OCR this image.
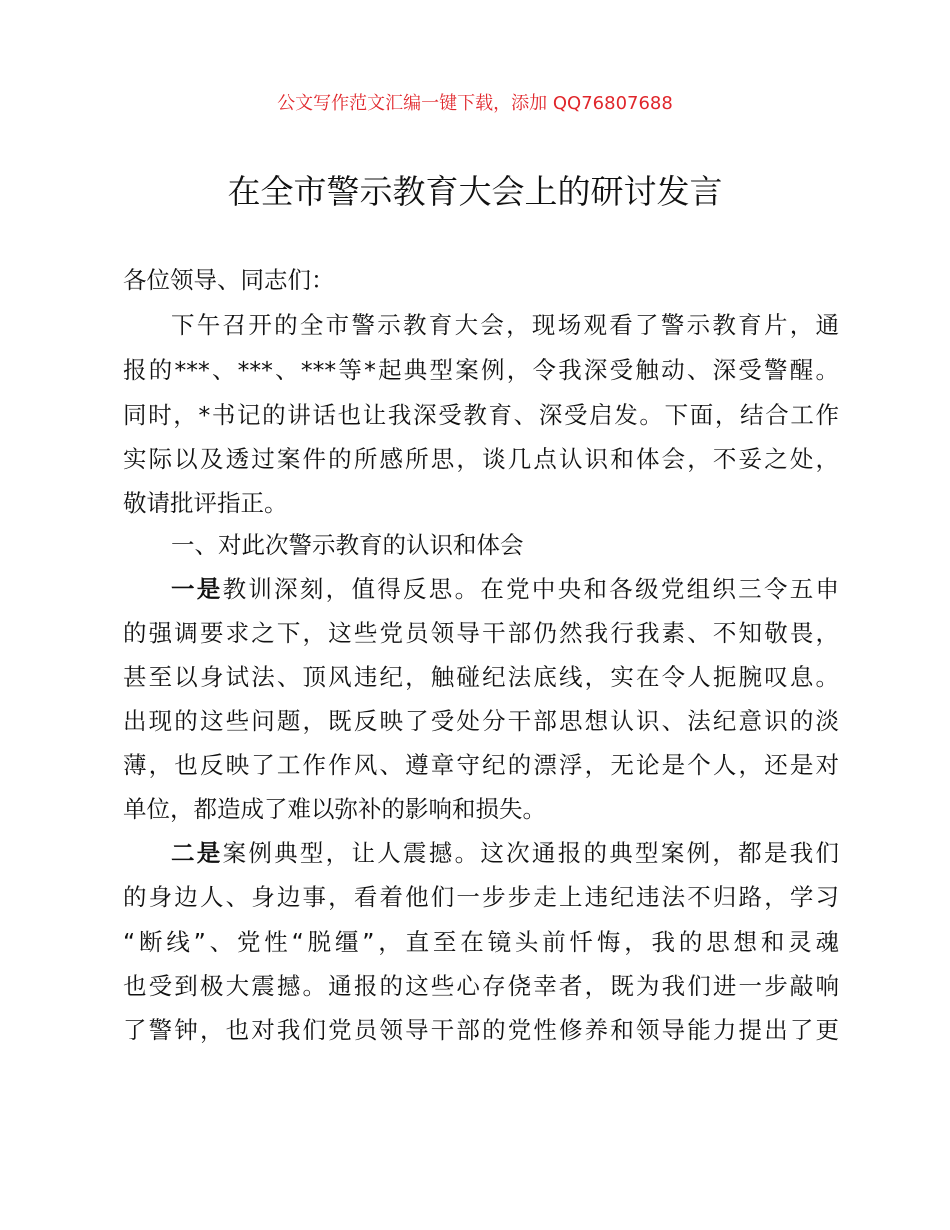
公文写作范文汇编一键下载，添加 QQ76807688
在全市警示教育大会上的研讨发言
各位领导、同志们：
下午召开的全市警示教育大会，现场观看了警示教育片，通
报的***、***、***等*起典型案例，令我深受触动、深受警醒。
同时，*书记的讲话也让我深受教育、深受启发。下面，结合工作
实际以及透过案件的所感所思，谈几点认识和体会，不妥之处，
敬请批评指正。
一、对此次警示教育的认识和体会
一是教训深刻，值得反思。在党中央和各级党组织三令五申
的强调要求之下，这些党员领导干部仍然我行我素、不知敬畏，
甚至以身试法、顶风违纪，触碰纪法底线，实在令人扼腕叹息。
出现的这些问题，既反映了受处分干部思想认识、法纪意识的淡
薄，也反映了工作作风、遵章守纪的漂浮，无论是个人，还是对
单位，都造成了难以弥补的影响和损失。
二是案例典型，让人震撼。这次通报的典型案例，都是我们
的身边人、身边事，看着他们一步步走上违纪违法不归路，学习
“断线”、党性“脱缰”，直至在镜头前忏悔，我的思想和灵魂
也受到极大震撼。通报的这些心存侥幸者，既为我们进一步敲响
了警钟，也对我们党员领导干部的党性修养和领导能力提出了更
